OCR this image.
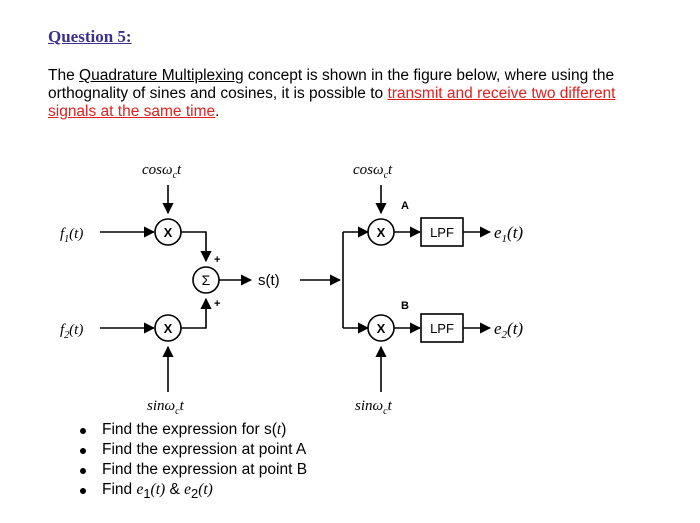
Question 5:
The Quadrature Multiplexing concept is shown in the figure below, where using the orthognality of sines and cosines, it is possible to transmit and receive two different signals at the same time.
cosω$_c$t
sinω$_c$t
$f_1(t)$
$f_2(t)$
X
X
Σ
+
+
s(t)
cosω$_c$t
sinω$_c$t
X
X
A
B
LPF
LPF
$e_1(t)$
$e_2(t)$
Find the expression for s(t)
Find the expression at point A
Find the expression at point B
Find $e_1(t)$ & $e_2(t)$
